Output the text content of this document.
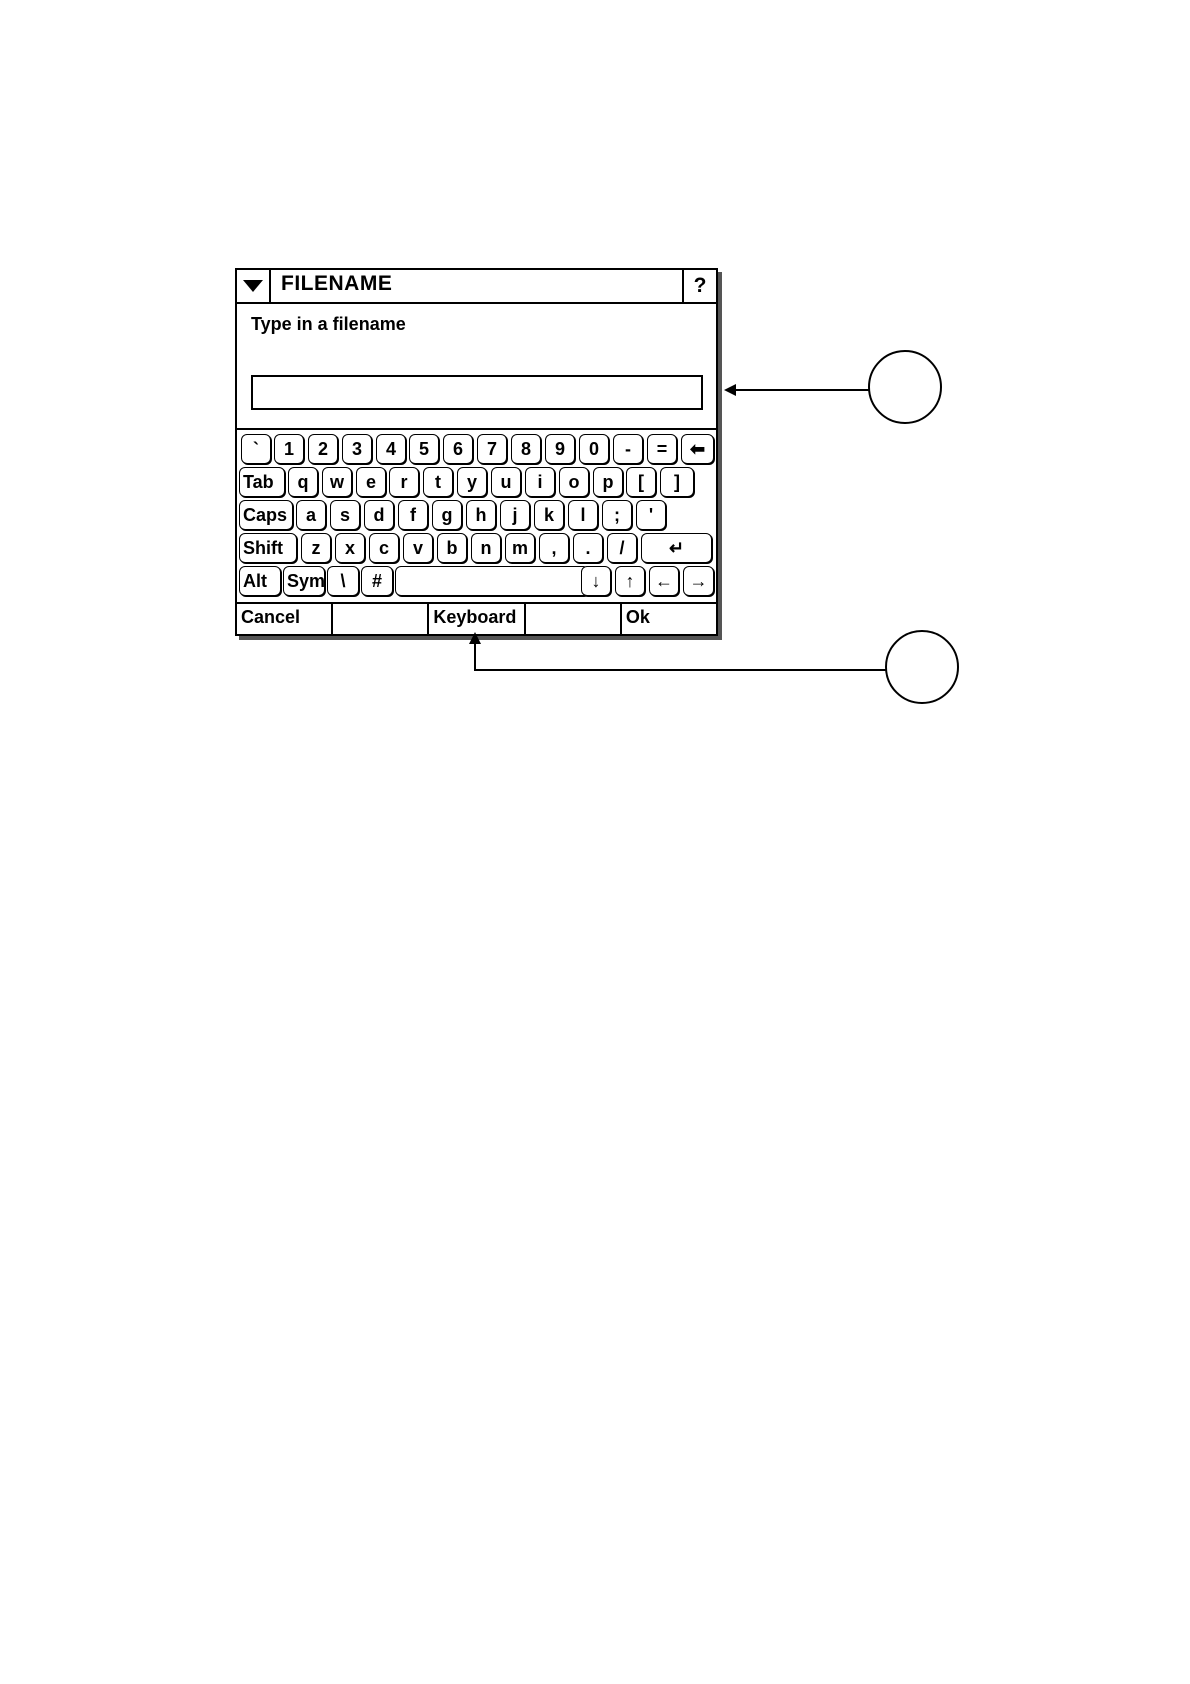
FILENAME	?
Type in a filename
`	1	2	3	4	5	6	7	8	9	0	-	=	⬅
Tab	q	w	e	r	t	y	u	i	o	p	[	]
Caps	a	s	d	f	g	h	j	k	l	;	'
Shift	z	x	c	v	b	n	m	,	.	/	↵
Alt	Sym \	#	↓	↑	← →
Cancel	Keyboard	Ok
